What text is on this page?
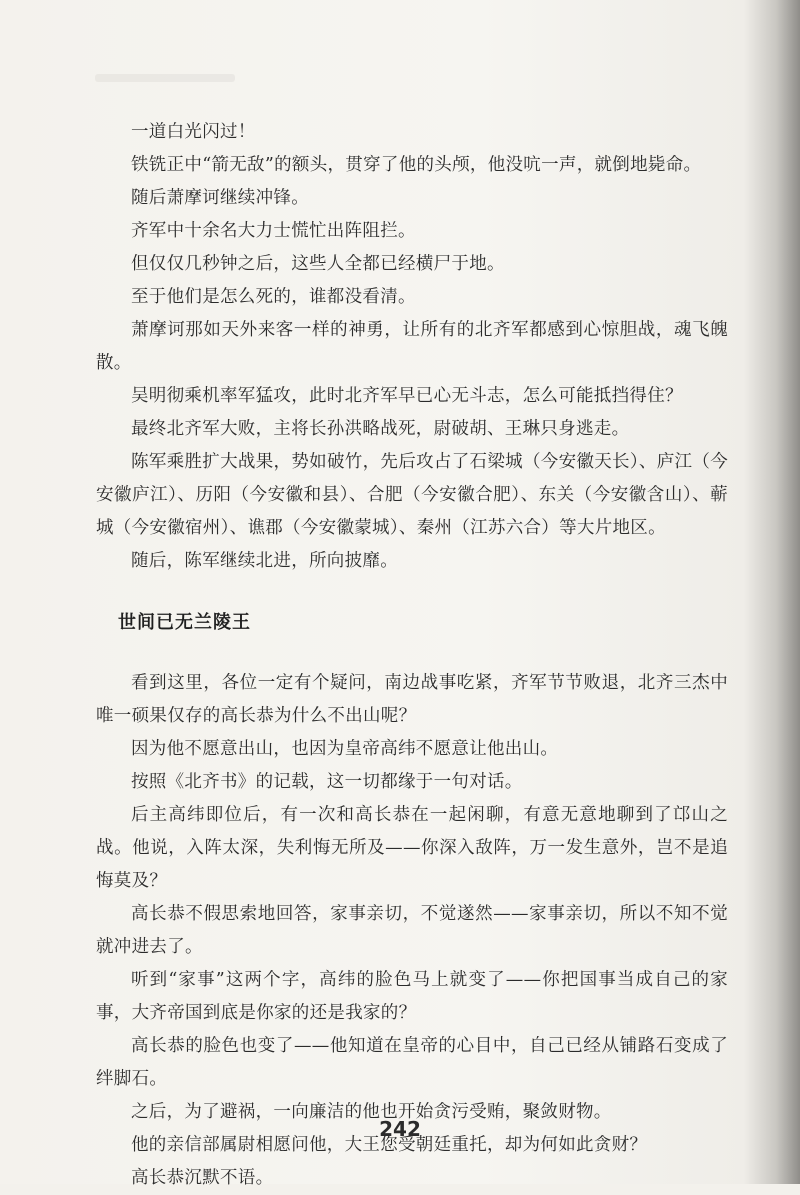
一道白光闪过！

铁铣正中“箭无敌”的额头，贯穿了他的头颅，他没吭一声，就倒地毙命。

随后萧摩诃继续冲锋。

齐军中十余名大力士慌忙出阵阻拦。

但仅仅几秒钟之后，这些人全都已经横尸于地。

至于他们是怎么死的，谁都没看清。

萧摩诃那如天外来客一样的神勇，让所有的北齐军都感到心惊胆战，魂飞魄散。

吴明彻乘机率军猛攻，此时北齐军早已心无斗志，怎么可能抵挡得住？

最终北齐军大败，主将长孙洪略战死，尉破胡、王琳只身逃走。

陈军乘胜扩大战果，势如破竹，先后攻占了石梁城（今安徽天长）、庐江（今安徽庐江）、历阳（今安徽和县）、合肥（今安徽合肥）、东关（今安徽含山）、蕲城（今安徽宿州）、谯郡（今安徽蒙城）、秦州（江苏六合）等大片地区。

随后，陈军继续北进，所向披靡。

世间已无兰陵王

看到这里，各位一定有个疑问，南边战事吃紧，齐军节节败退，北齐三杰中唯一硕果仅存的高长恭为什么不出山呢？

因为他不愿意出山，也因为皇帝高纬不愿意让他出山。

按照《北齐书》的记载，这一切都缘于一句对话。

后主高纬即位后，有一次和高长恭在一起闲聊，有意无意地聊到了邙山之战。他说，入阵太深，失利悔无所及——你深入敌阵，万一发生意外，岂不是追悔莫及？

高长恭不假思索地回答，家事亲切，不觉遂然——家事亲切，所以不知不觉就冲进去了。

听到“家事”这两个字，高纬的脸色马上就变了——你把国事当成自己的家事，大齐帝国到底是你家的还是我家的？

高长恭的脸色也变了——他知道在皇帝的心目中，自己已经从铺路石变成了绊脚石。

之后，为了避祸，一向廉洁的他也开始贪污受贿，聚敛财物。

他的亲信部属尉相愿问他，大王您受朝廷重托，却为何如此贪财？

高长恭沉默不语。

242
